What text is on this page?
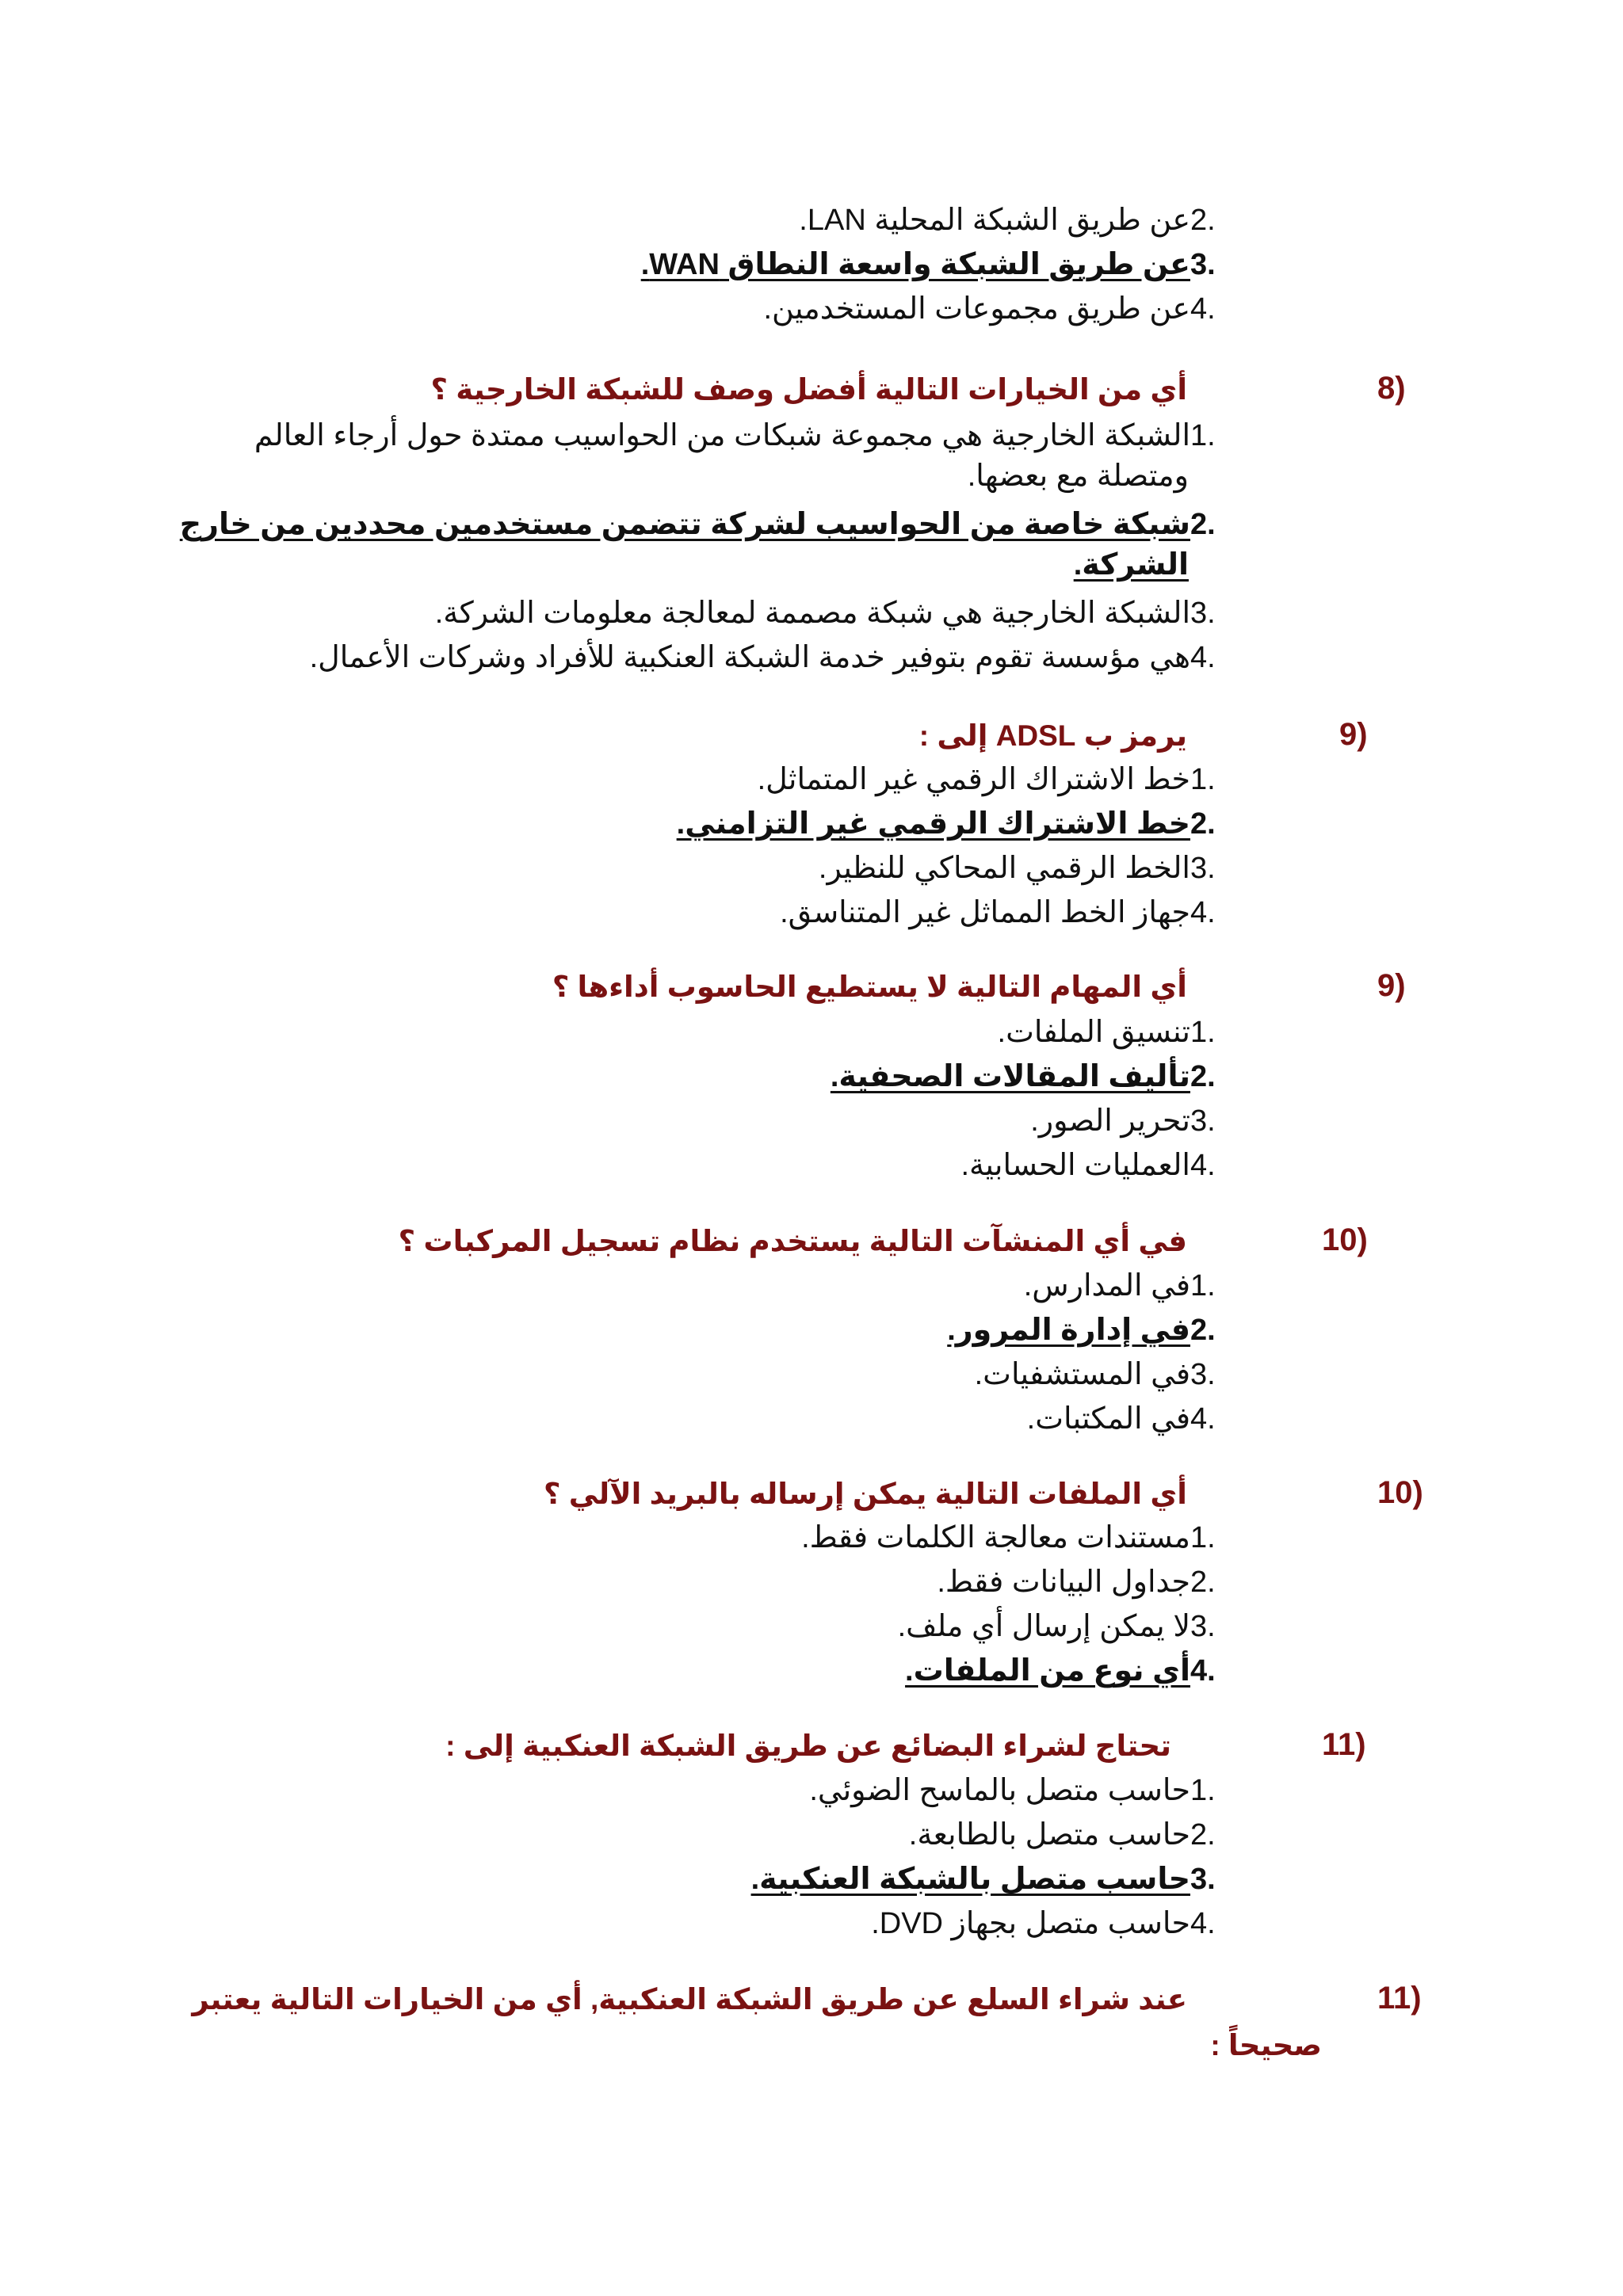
2.عن طريق الشبكة المحلية LAN.
3.عن طريق الشبكة واسعة النطاق WAN.
4.عن طريق مجموعات المستخدمين.
8)
أي من الخيارات التالية أفضل وصف للشبكة الخارجية ؟
1.الشبكة الخارجية هي مجموعة شبكات من الحواسيب ممتدة حول أرجاء العالم
ومتصلة مع بعضها.
2.شبكة خاصة من الحواسيب لشركة تتضمن مستخدمين محددين من خارج
الشركة.
3.الشبكة الخارجية هي شبكة مصممة لمعالجة معلومات الشركة.
4.هي مؤسسة تقوم بتوفير خدمة الشبكة العنكبية للأفراد وشركات الأعمال.
9)
يرمز ب ADSL إلى :
1.خط الاشتراك الرقمي غير المتماثل.
2.خط الاشتراك الرقمي غير التزامني.
3.الخط الرقمي المحاكي للنظير.
4.جهاز الخط المماثل غير المتناسق.
9)
أي المهام التالية لا يستطيع الحاسوب أداءها ؟
1.تنسيق الملفات.
2.تأليف المقالات الصحفية.
3.تحرير الصور.
4.العمليات الحسابية.
10)
في أي المنشآت التالية يستخدم نظام تسجيل المركبات ؟
1.في المدارس.
2.في إدارة المرور.
3.في المستشفيات.
4.في المكتبات.
10)
أي الملفات التالية يمكن إرساله بالبريد الآلي ؟
1.مستندات معالجة الكلمات فقط.
2.جداول البيانات فقط.
3.لا يمكن إرسال أي ملف.
4.أي نوع من الملفات.
11)
تحتاج لشراء البضائع عن طريق الشبكة العنكبية إلى :
1.حاسب متصل بالماسح الضوئي.
2.حاسب متصل بالطابعة.
3.حاسب متصل بالشبكة العنكبية.
4.حاسب متصل بجهاز DVD.
11)
عند شراء السلع عن طريق الشبكة العنكبية, أي من الخيارات التالية يعتبر
صحيحاً :
